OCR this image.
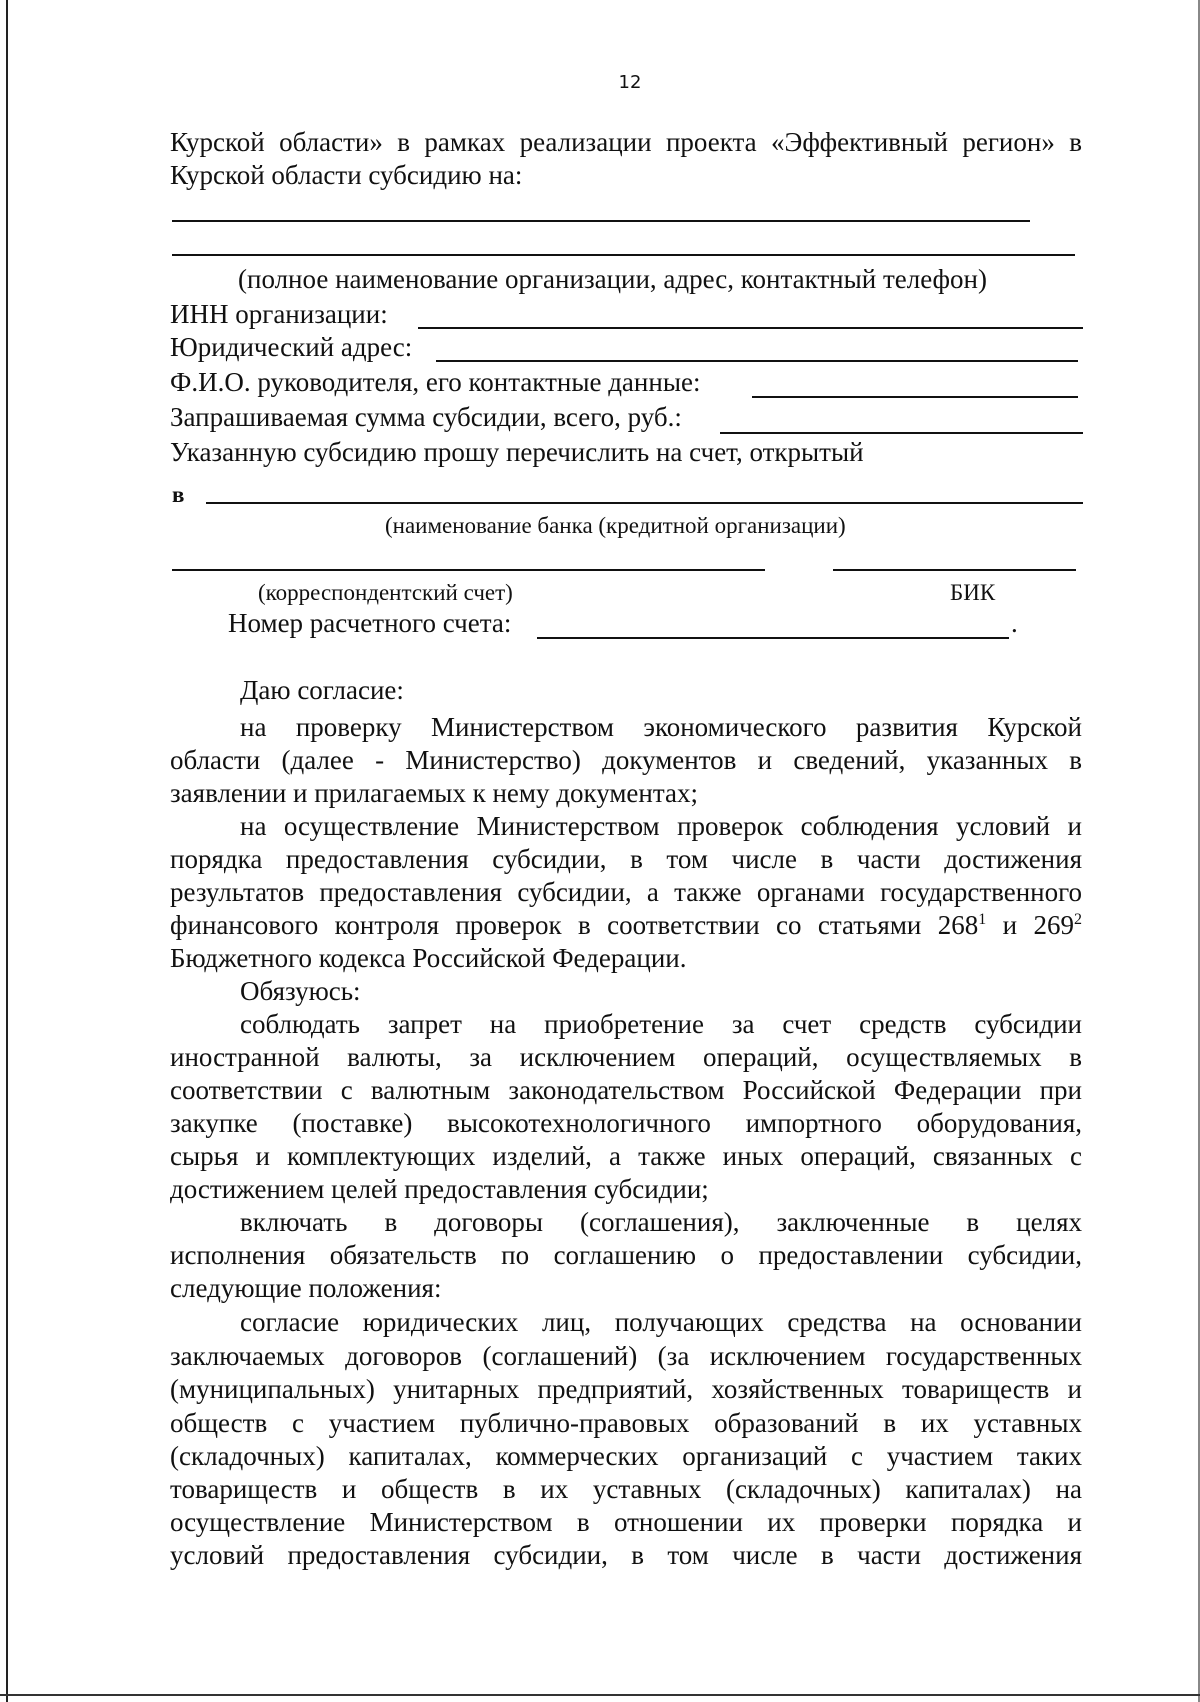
12
Курской области» в рамках реализации проекта «Эффективный регион» в
Курской области субсидию на:
(полное наименование организации, адрес, контактный телефон)
ИНН организации:
Юридический адрес:
Ф.И.О. руководителя, его контактные данные:
Запрашиваемая сумма субсидии, всего, руб.:
Указанную субсидию прошу перечислить на счет, открытый
в
(наименование банка (кредитной организации)
(корреспондентский счет)	БИК
Номер расчетного счета:	.
Даю согласие:
на проверку Министерством экономического развития Курской
области (далее - Министерство) документов и сведений, указанных в
заявлении и прилагаемых к нему документах;
на осуществление Министерством проверок соблюдения условий и
порядка предоставления субсидии, в том числе в части достижения
результатов предоставления субсидии, а также органами государственного
финансового контроля проверок в соответствии со статьями $268^1$ и $269^2$
Бюджетного кодекса Российской Федерации.
Обязуюсь:
соблюдать запрет на приобретение за счет средств субсидии
иностранной валюты, за исключением операций, осуществляемых в
соответствии с валютным законодательством Российской Федерации при
закупке (поставке) высокотехнологичного импортного оборудования,
сырья и комплектующих изделий, а также иных операций, связанных с
достижением целей предоставления субсидии;
включать в договоры (соглашения), заключенные в целях
исполнения обязательств по соглашению о предоставлении субсидии,
следующие положения:
согласие юридических лиц, получающих средства на основании
заключаемых договоров (соглашений) (за исключением государственных
(муниципальных) унитарных предприятий, хозяйственных товариществ и
обществ с участием публично-правовых образований в их уставных
(складочных) капиталах, коммерческих организаций с участием таких
товариществ и обществ в их уставных (складочных) капиталах) на
осуществление Министерством в отношении их проверки порядка и
условий предоставления субсидии, в том числе в части достижения
